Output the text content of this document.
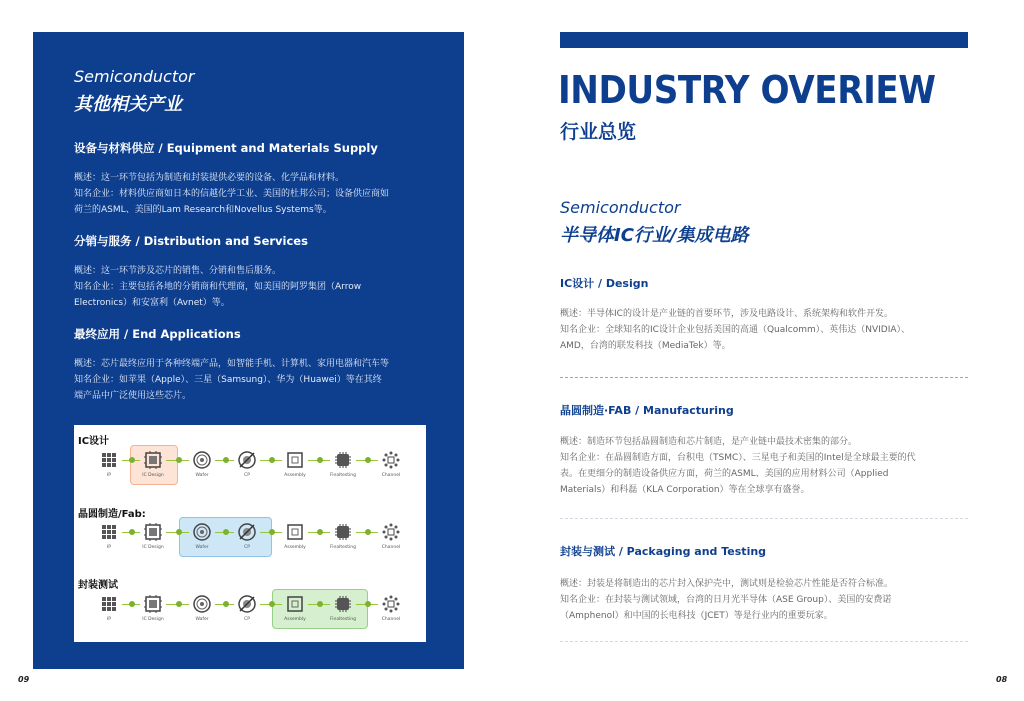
Semiconductor
其他相关产业
设备与材料供应 / Equipment and Materials Supply
概述：这一环节包括为制造和封装提供必要的设备、化学品和材料。
知名企业：材料供应商如日本的信越化学工业、美国的杜邦公司；设备供应商如
荷兰的ASML、美国的Lam Research和Novellus Systems等。
分销与服务 / Distribution and Services
概述：这一环节涉及芯片的销售、分销和售后服务。
知名企业：主要包括各地的分销商和代理商，如美国的阿罗集团（Arrow
Electronics）和安富利（Avnet）等。
最终应用 / End Applications
概述：芯片最终应用于各种终端产品，如智能手机、计算机、家用电器和汽车等
知名企业：如苹果（Apple）、三星（Samsung）、华为（Huawei）等在其终
端产品中广泛使用这些芯片。
IC设计
IP	IC Design	Wafer	CP	Assembly	Finaltesting	Channel
晶圆制造/Fab:
IP	IC Design	Wafer	CP	Assembly	Finaltesting	Channel
封装测试
IP	IC Design	Wafer	CP	Assembly	Finaltesting	Channel
09
INDUSTRY OVERIEW
行业总览
Semiconductor
半导体IC行业/集成电路
IC设计 / Design
概述：半导体IC的设计是产业链的首要环节，涉及电路设计、系统架构和软件开发。
知名企业：全球知名的IC设计企业包括美国的高通（Qualcomm）、英伟达（NVIDIA）、
AMD，台湾的联发科技（MediaTek）等。
晶圆制造·FAB / Manufacturing
概述：制造环节包括晶圆制造和芯片制造，是产业链中最技术密集的部分。
知名企业：在晶圆制造方面，台积电（TSMC）、三星电子和美国的Intel是全球最主要的代
表。在更细分的制造设备供应方面，荷兰的ASML、美国的应用材料公司（Applied
Materials）和科磊（KLA Corporation）等在全球享有盛誉。
封装与测试 / Packaging and Testing
概述：封装是将制造出的芯片封入保护壳中，测试则是检验芯片性能是否符合标准。
知名企业：在封装与测试领域，台湾的日月光半导体（ASE Group）、美国的安费诺
（Amphenol）和中国的长电科技（JCET）等是行业内的重要玩家。
08
